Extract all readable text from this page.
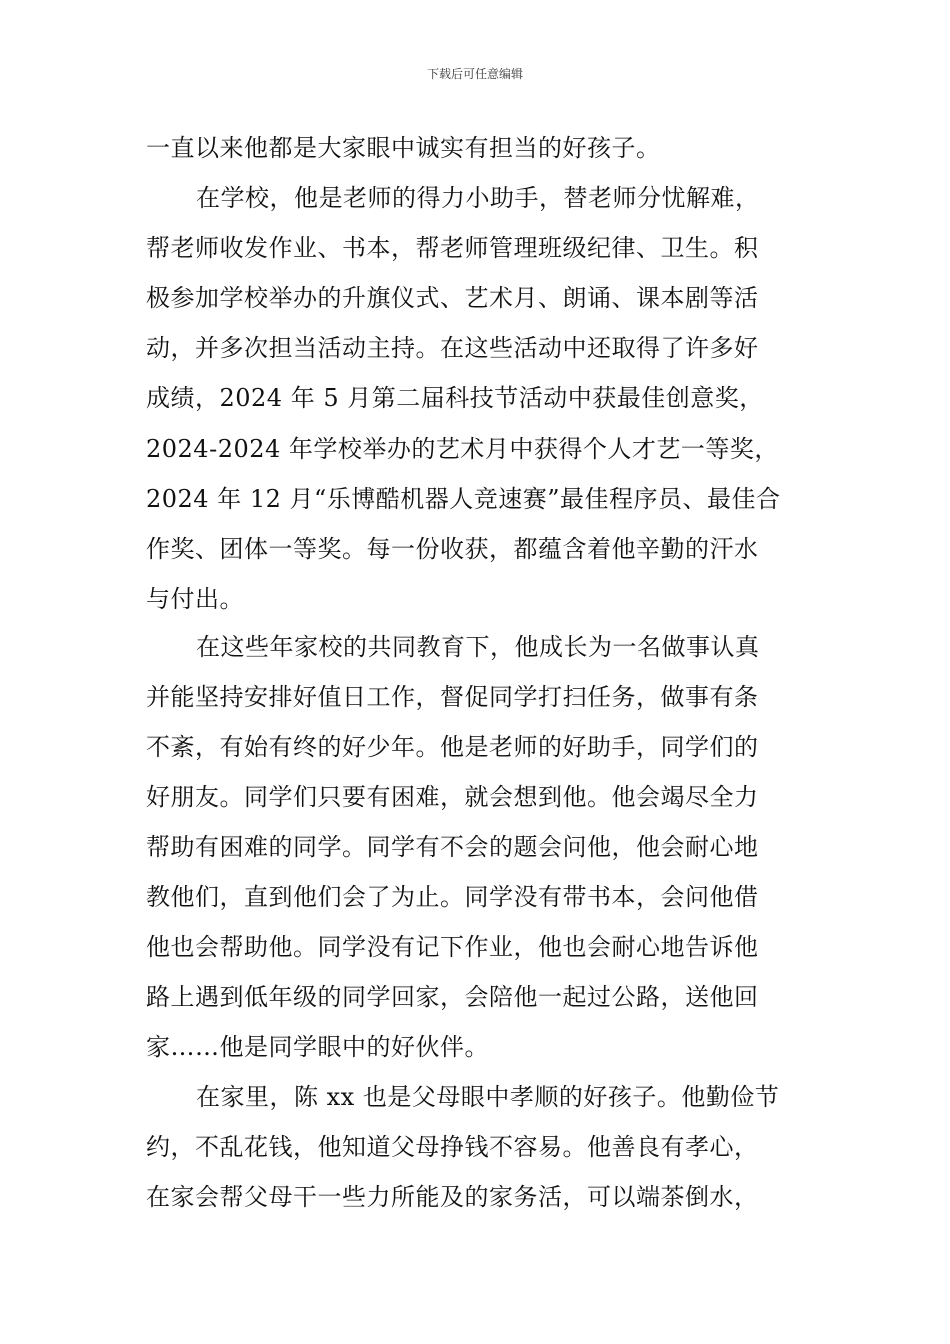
下载后可任意编辑
一直以来他都是大家眼中诚实有担当的好孩子。
在学校，他是老师的得力小助手，替老师分忧解难，
帮老师收发作业、书本，帮老师管理班级纪律、卫生。积
极参加学校举办的升旗仪式、艺术月、朗诵、课本剧等活
动，并多次担当活动主持。在这些活动中还取得了许多好
成绩，2024 年 5 月第二届科技节活动中获最佳创意奖，
2024-2024 年学校举办的艺术月中获得个人才艺一等奖，
2024 年 12 月“乐博酷机器人竞速赛”最佳程序员、最佳合
作奖、团体一等奖。每一份收获，都蕴含着他辛勤的汗水
与付出。
在这些年家校的共同教育下，他成长为一名做事认真
并能坚持安排好值日工作，督促同学打扫任务，做事有条
不紊，有始有终的好少年。他是老师的好助手，同学们的
好朋友。同学们只要有困难，就会想到他。他会竭尽全力
帮助有困难的同学。同学有不会的题会问他，他会耐心地
教他们，直到他们会了为止。同学没有带书本，会问他借
他也会帮助他。同学没有记下作业，他也会耐心地告诉他
路上遇到低年级的同学回家，会陪他一起过公路，送他回
家……他是同学眼中的好伙伴。
在家里，陈 xx 也是父母眼中孝顺的好孩子。他勤俭节
约，不乱花钱，他知道父母挣钱不容易。他善良有孝心，
在家会帮父母干一些力所能及的家务活，可以端茶倒水，
